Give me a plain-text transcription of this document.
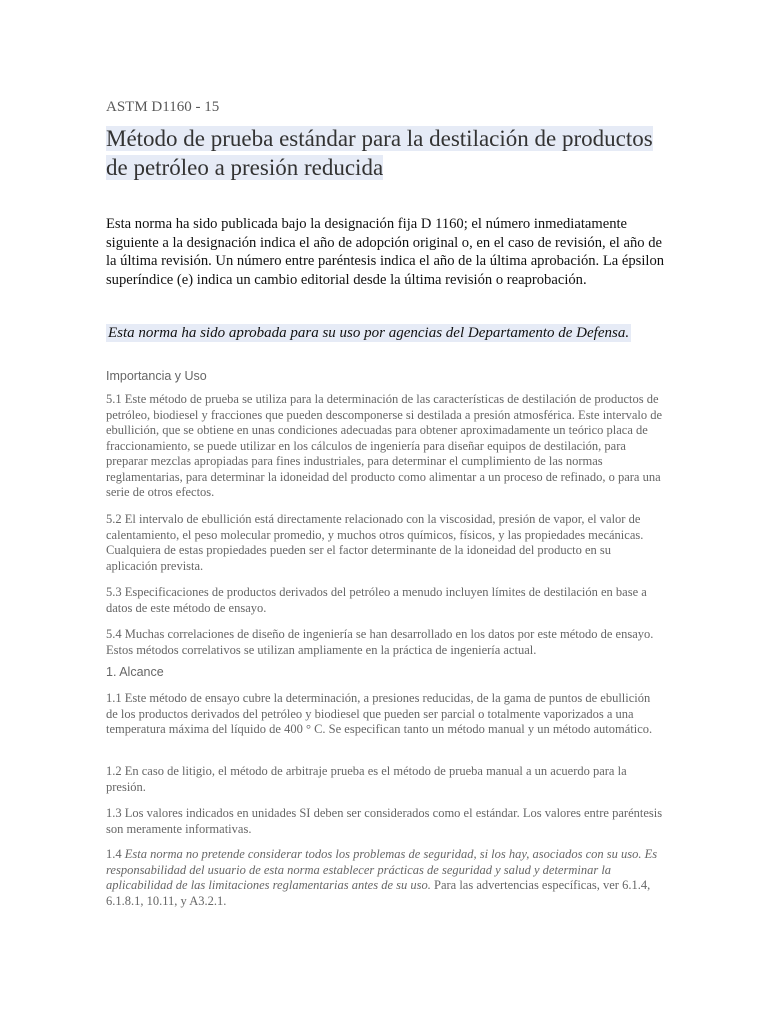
ASTM D1160 - 15
Método de prueba estándar para la destilación de productos de petróleo a presión reducida
Esta norma ha sido publicada bajo la designación fija D 1160; el número inmediatamente siguiente a la designación indica el año de adopción original o, en el caso de revisión, el año de la última revisión. Un número entre paréntesis indica el año de la última aprobación. La épsilon superíndice (e) indica un cambio editorial desde la última revisión o reaprobación.
Esta norma ha sido aprobada para su uso por agencias del Departamento de Defensa.
Importancia y Uso
5.1 Este método de prueba se utiliza para la determinación de las características de destilación de productos de petróleo, biodiesel y fracciones que pueden descomponerse si destilada a presión atmosférica. Este intervalo de ebullición, que se obtiene en unas condiciones adecuadas para obtener aproximadamente un teórico placa de fraccionamiento, se puede utilizar en los cálculos de ingeniería para diseñar equipos de destilación, para preparar mezclas apropiadas para fines industriales, para determinar el cumplimiento de las normas reglamentarias, para determinar la idoneidad del producto como alimentar a un proceso de refinado, o para una serie de otros efectos.
5.2 El intervalo de ebullición está directamente relacionado con la viscosidad, presión de vapor, el valor de calentamiento, el peso molecular promedio, y muchos otros químicos, físicos, y las propiedades mecánicas. Cualquiera de estas propiedades pueden ser el factor determinante de la idoneidad del producto en su aplicación prevista.
5.3 Especificaciones de productos derivados del petróleo a menudo incluyen límites de destilación en base a datos de este método de ensayo.
5.4 Muchas correlaciones de diseño de ingeniería se han desarrollado en los datos por este método de ensayo. Estos métodos correlativos se utilizan ampliamente en la práctica de ingeniería actual.
1. Alcance
1.1 Este método de ensayo cubre la determinación, a presiones reducidas, de la gama de puntos de ebullición de los productos derivados del petróleo y biodiesel que pueden ser parcial o totalmente vaporizados a una temperatura máxima del líquido de 400 ° C. Se especifican tanto un método manual y un método automático.
1.2 En caso de litigio, el método de arbitraje prueba es el método de prueba manual a un acuerdo para la presión.
1.3 Los valores indicados en unidades SI deben ser considerados como el estándar. Los valores entre paréntesis son meramente informativas.
1.4 Esta norma no pretende considerar todos los problemas de seguridad, si los hay, asociados con su uso. Es responsabilidad del usuario de esta norma establecer prácticas de seguridad y salud y determinar la aplicabilidad de las limitaciones reglamentarias antes de su uso. Para las advertencias específicas, ver 6.1.4, 6.1.8.1, 10.11, y A3.2.1.
